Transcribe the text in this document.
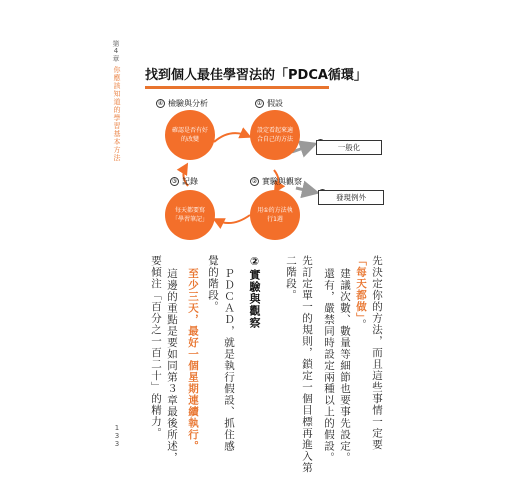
第4章
你應該知道的學習基本方法
133
找到個人最佳學習法的「PDCA循環」
④ 檢驗與分析	① 假設
③ 記錄	② 實驗與觀察
確認是否有好的改變
設定看起來適合自己的方法
每天都要寫「學習筆記」
用①的方法執行1週
一般化
發現例外
先決定你的方法，而且這些事情一定要
「每天都做」。
建議次數、數量等細節也要事先設定。
還有，嚴禁同時設定兩種以上的假設。
先訂定單一的規則，鎖定一個目標再進入第
二階段。
②實驗與觀察
ＰＤＣＡＤ，就是執行假設、抓住感
覺的階段。
至少三天，最好一個星期連續執行。
這邊的重點是要如同第３章最後所述，
要傾注「百分之一百二十」的精力。
